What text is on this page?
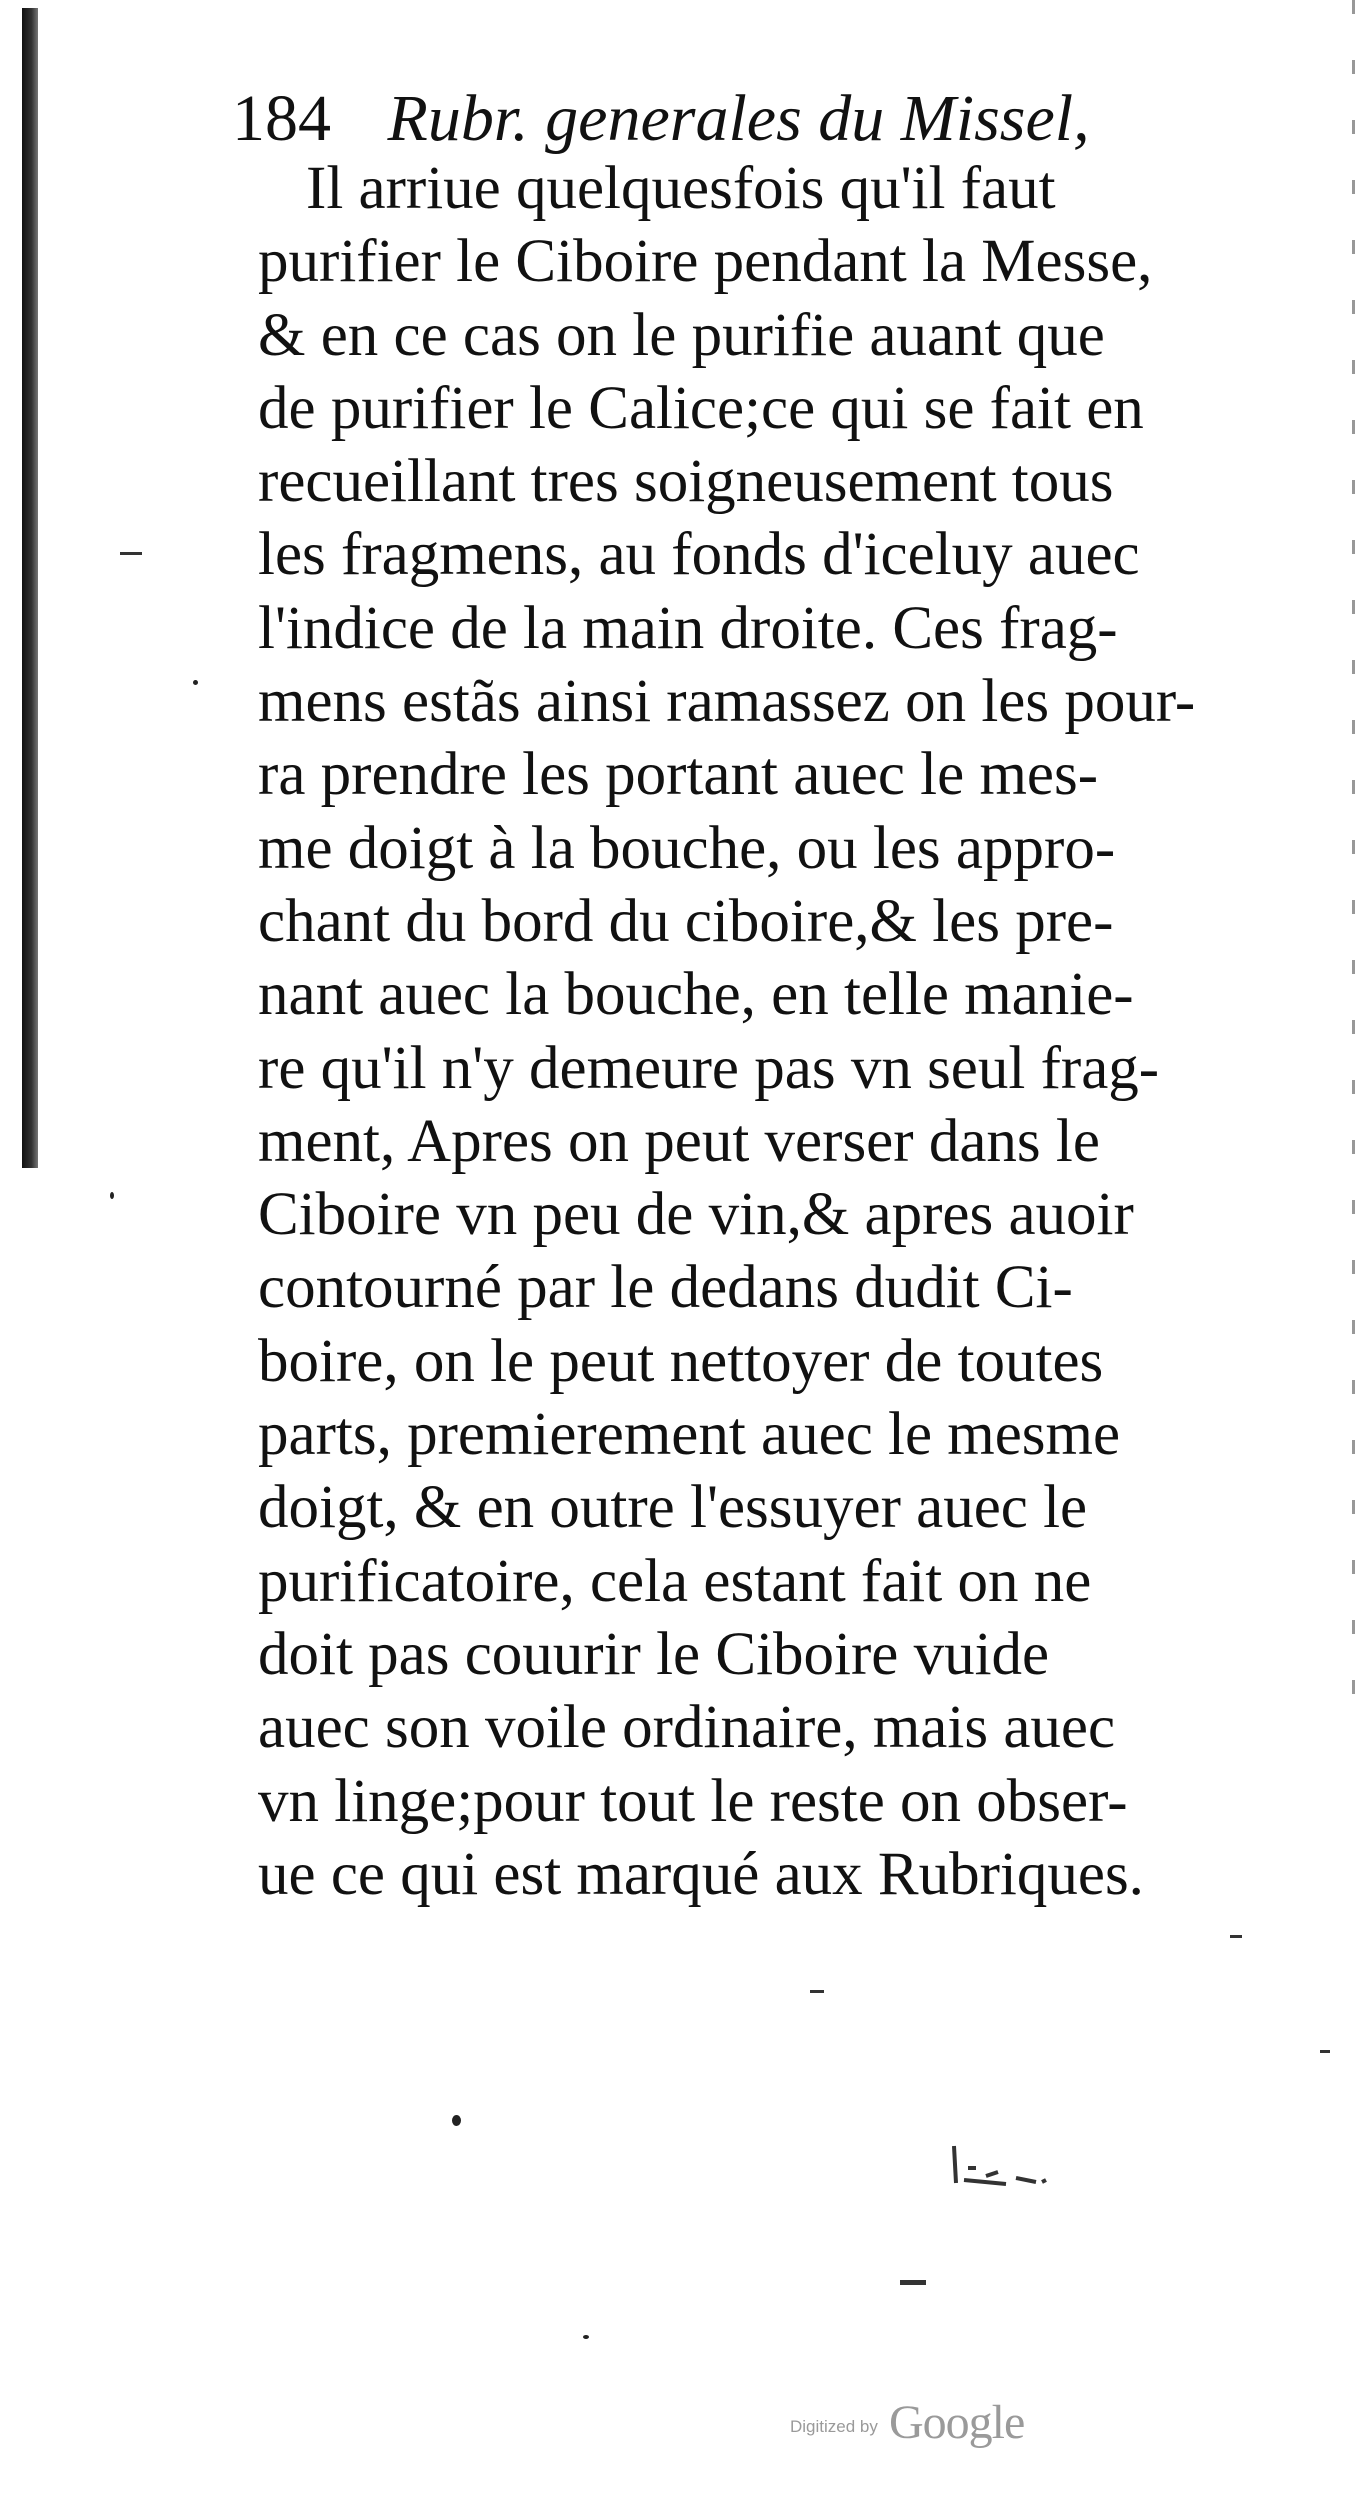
184 Rubr. generales du Missel,
Il arriue quelquesfois qu'il faut
purifier le Ciboire pendant la Messe,
& en ce cas on le purifie auant que
de purifier le Calice;ce qui se fait en
recueillant tres soigneusement tous
les fragmens, au fonds d'iceluy auec
l'indice de la main droite. Ces frag-
mens estãs ainsi ramassez on les pour-
ra prendre les portant auec le mes-
me doigt à la bouche, ou les appro-
chant du bord du ciboire,& les pre-
nant auec la bouche, en telle manie-
re qu'il n'y demeure pas vn seul frag-
ment, Apres on peut verser dans le
Ciboire vn peu de vin,& apres auoir
contourné par le dedans dudit Ci-
boire, on le peut nettoyer de toutes
parts, premierement auec le mesme
doigt, & en outre l'essuyer auec le
purificatoire, cela estant fait on ne
doit pas couurir le Ciboire vuide
auec son voile ordinaire, mais auec
vn linge;pour tout le reste on obser-
ue ce qui est marqué aux Rubriques.
Digitized by Google
